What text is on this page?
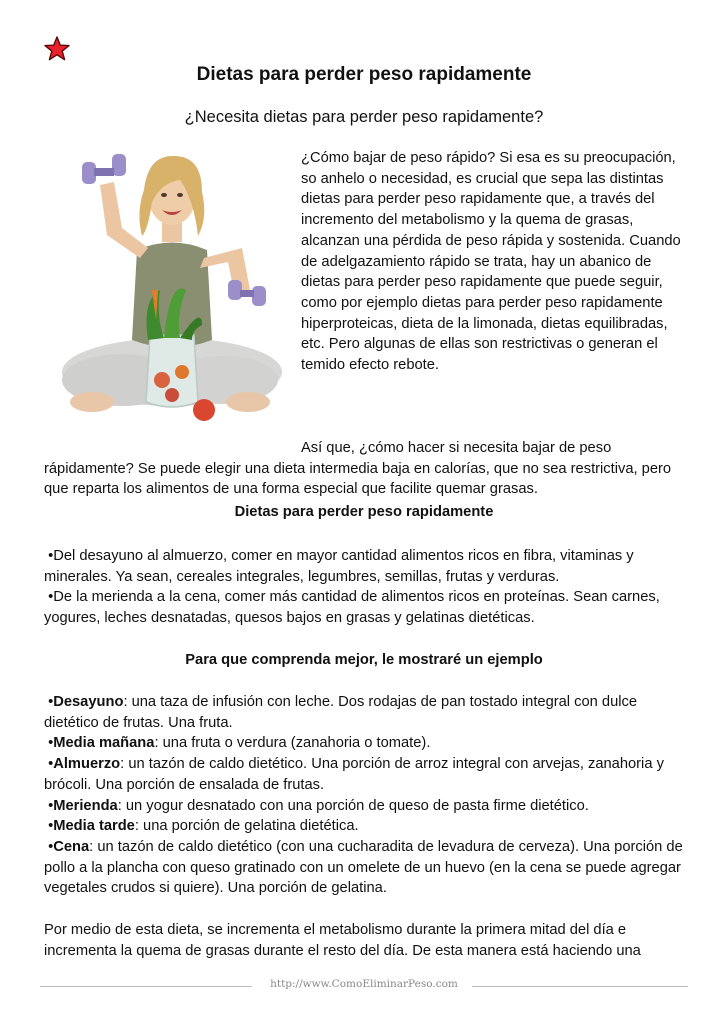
Dietas para perder peso rapidamente
¿Necesita dietas para perder peso rapidamente?

¿Cómo bajar de peso rápido? Si esa es su preocupación, so anhelo o necesidad, es crucial que sepa las distintas dietas para perder peso rapidamente que, a través del incremento del metabolismo y la quema de grasas, alcanzan una pérdida de peso rápida y sostenida. Cuando de adelgazamiento rápido se trata, hay un abanico de dietas para perder peso rapidamente que puede seguir, como por ejemplo dietas para perder peso rapidamente hiperproteicas, dieta de la limonada, dietas equilibradas, etc. Pero algunas de ellas son restrictivas o generan el temido efecto rebote.

Así que, ¿cómo hacer si necesita bajar de peso

rápidamente? Se puede elegir una dieta intermedia baja en calorías, que no sea restrictiva, pero que reparta los alimentos de una forma especial que facilite quemar grasas.

Dietas para perder peso rapidamente

•Del desayuno al almuerzo, comer en mayor cantidad alimentos ricos en fibra, vitaminas y minerales. Ya sean, cereales integrales, legumbres, semillas, frutas y verduras.

•De la merienda a la cena, comer más cantidad de alimentos ricos en proteínas. Sean carnes, yogures, leches desnatadas, quesos bajos en grasas y gelatinas dietéticas.

Para que comprenda mejor, le mostraré un ejemplo

•Desayuno: una taza de infusión con leche. Dos rodajas de pan tostado integral con dulce dietético de frutas. Una fruta.

•Media mañana: una fruta o verdura (zanahoria o tomate).

•Almuerzo: un tazón de caldo dietético. Una porción de arroz integral con arvejas, zanahoria y brócoli. Una porción de ensalada de frutas.

•Merienda: un yogur desnatado con una porción de queso de pasta firme dietético.

•Media tarde: una porción de gelatina dietética.

•Cena: un tazón de caldo dietético (con una cucharadita de levadura de cerveza). Una porción de pollo a la plancha con queso gratinado con un omelete de un huevo (en la cena se puede agregar vegetales crudos si quiere). Una porción de gelatina.

Por medio de esta dieta, se incrementa el metabolismo durante la primera mitad del día e incrementa la quema de grasas durante el resto del día. De esta manera está haciendo una
http://www.ComoEliminarPeso.com
